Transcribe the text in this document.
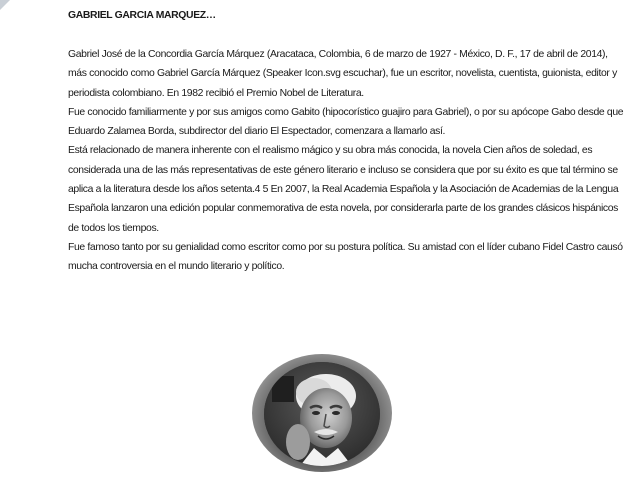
GABRIEL GARCIA MARQUEZ…

Gabriel José de la Concordia García Márquez (Aracataca, Colombia, 6 de marzo de 1927 - México, D. F., 17 de abril de 2014), más conocido como Gabriel García Márquez (Speaker Icon.svg escuchar), fue un escritor, novelista, cuentista, guionista, editor y periodista colombiano. En 1982 recibió el Premio Nobel de Literatura.

Fue conocido familiarmente y por sus amigos como Gabito (hipocorístico guajiro para Gabriel), o por su apócope Gabo desde que Eduardo Zalamea Borda, subdirector del diario El Espectador, comenzara a llamarlo así.

Está relacionado de manera inherente con el realismo mágico y su obra más conocida, la novela Cien años de soledad, es considerada una de las más representativas de este género literario e incluso se considera que por su éxito es que tal término se aplica a la literatura desde los años setenta.4 5 En 2007, la Real Academia Española y la Asociación de Academias de la Lengua Española lanzaron una edición popular conmemorativa de esta novela, por considerarla parte de los grandes clásicos hispánicos de todos los tiempos.

Fue famoso tanto por su genialidad como escritor como por su postura política. Su amistad con el líder cubano Fidel Castro causó mucha controversia en el mundo literario y político.
